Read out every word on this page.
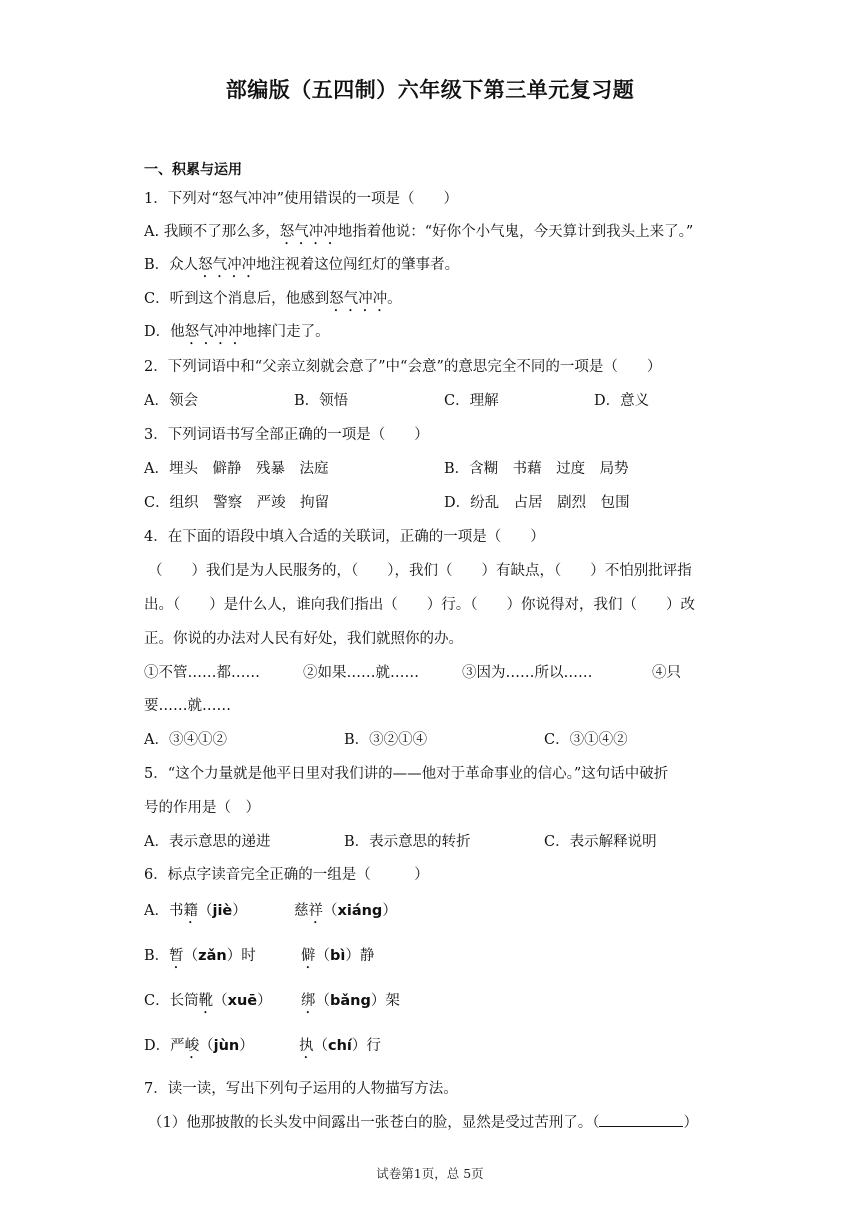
部编版（五四制）六年级下第三单元复习题
一、积累与运用
1．下列对“怒气冲冲”使用错误的一项是（　　）
A. 我顾不了那么多，怒气冲冲地指着他说：“好你个小气鬼，今天算计到我头上来了。”
B．众人怒气冲冲地注视着这位闯红灯的肇事者。
C．听到这个消息后，他感到怒气冲冲。
D．他怒气冲冲地摔门走了。
2．下列词语中和“父亲立刻就会意了”中“会意”的意思完全不同的一项是（　　）
A．领会	B．领悟	C．理解	D．意义
3．下列词语书写全部正确的一项是（　　）
A．埋头　僻静　残暴　法庭	B．含糊　书藉　过度　局势
C．组织　警察　严竣　拘留	D．纷乱　占居　剧烈　包围
4．在下面的语段中填入合适的关联词，正确的一项是（　　）
（　　）我们是为人民服务的，（　　），我们（　　）有缺点，（　　）不怕别批评指
出。（　　）是什么人，谁向我们指出（　　）行。（　　）你说得对，我们（　　）改
正。你说的办法对人民有好处，我们就照你的办。
①不管……都……	②如果……就……	③因为……所以……	④只
要……就……
A．③④①②	B．③②①④	C．③①④②
5．“这个力量就是他平日里对我们讲的——他对于革命事业的信心。”这句话中破折
号的作用是（　）
A．表示意思的递进	B．表示意思的转折	C．表示解释说明
6．标点字读音完全正确的一组是（　　　）
A．书籍（jiè）	慈祥（xiáng）
B．暂（zǎn）时	僻（bì）静
C．长筒靴（xuē） 绑（bǎng）架
D．严峻（jùn）	执（chí）行
7．读一读，写出下列句子运用的人物描写方法。
（1）他那披散的长头发中间露出一张苍白的脸，显然是受过苦刑了。（	）
试卷第1页，总 5页
